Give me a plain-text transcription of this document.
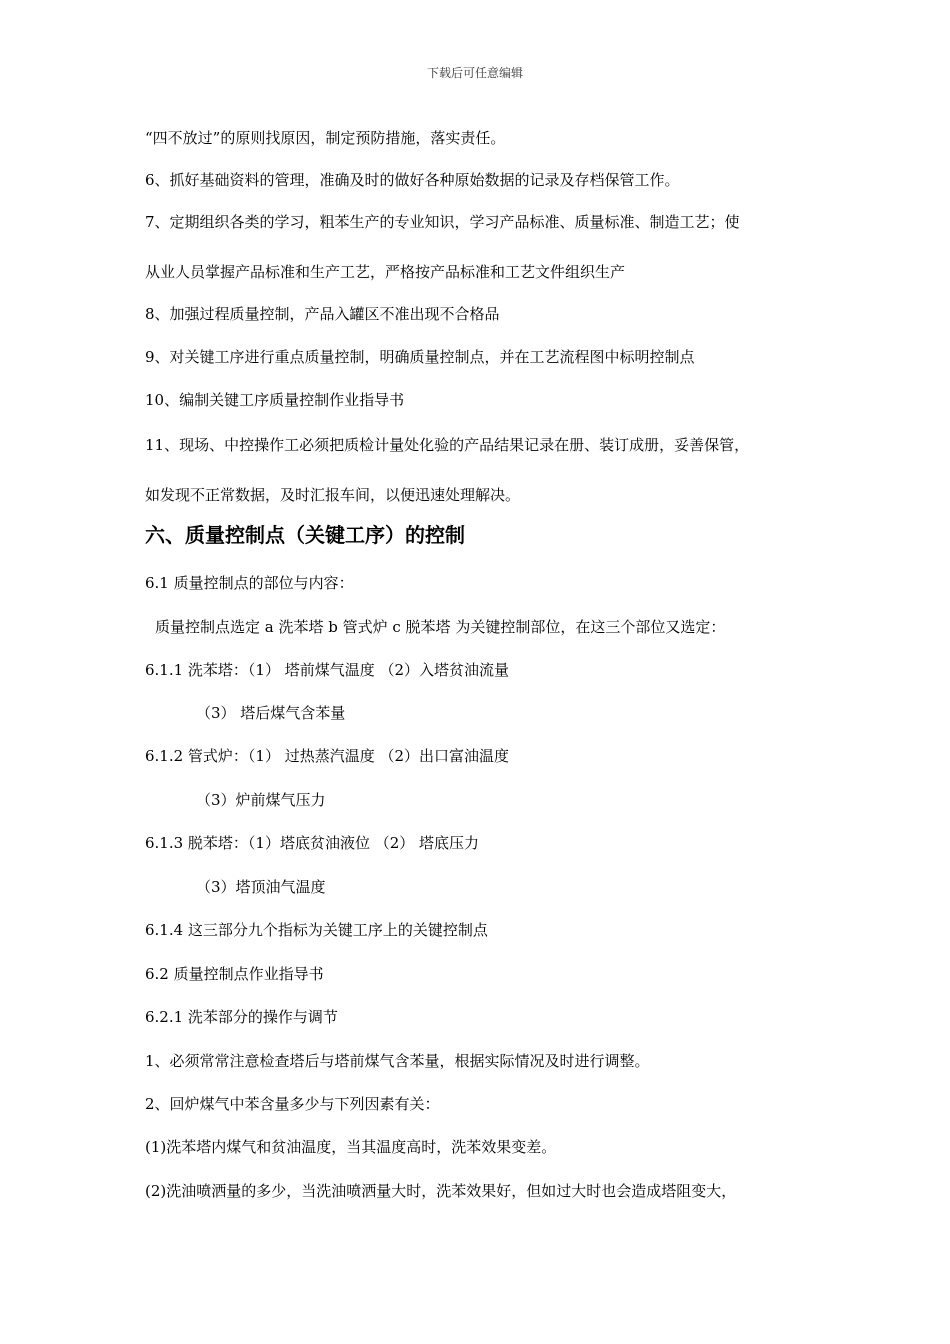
下载后可任意编辑
“四不放过”的原则找原因，制定预防措施，落实责任。
6、抓好基础资料的管理，准确及时的做好各种原始数据的记录及存档保管工作。
7、定期组织各类的学习，粗苯生产的专业知识，学习产品标准、质量标准、制造工艺；使
从业人员掌握产品标准和生产工艺，严格按产品标准和工艺文件组织生产
8、加强过程质量控制，产品入罐区不准出现不合格品
9、对关键工序进行重点质量控制，明确质量控制点，并在工艺流程图中标明控制点
10、编制关键工序质量控制作业指导书
11、现场、中控操作工必须把质检计量处化验的产品结果记录在册、装订成册，妥善保管，
如发现不正常数据，及时汇报车间，以便迅速处理解决。
六、质量控制点（关键工序）的控制
6.1 质量控制点的部位与内容：
质量控制点选定 a 洗苯塔 b 管式炉 c 脱苯塔 为关键控制部位，在这三个部位又选定：
6.1.1 洗苯塔：（1） 塔前煤气温度 （2）入塔贫油流量
（3） 塔后煤气含苯量
6.1.2 管式炉：（1） 过热蒸汽温度 （2）出口富油温度
（3）炉前煤气压力
6.1.3 脱苯塔：（1）塔底贫油液位 （2） 塔底压力
（3）塔顶油气温度
6.1.4 这三部分九个指标为关键工序上的关键控制点
6.2 质量控制点作业指导书
6.2.1 洗苯部分的操作与调节
1、必须常常注意检查塔后与塔前煤气含苯量，根据实际情况及时进行调整。
2、回炉煤气中苯含量多少与下列因素有关：
(1)洗苯塔内煤气和贫油温度，当其温度高时，洗苯效果变差。
(2)洗油喷洒量的多少，当洗油喷洒量大时，洗苯效果好，但如过大时也会造成塔阻变大，
